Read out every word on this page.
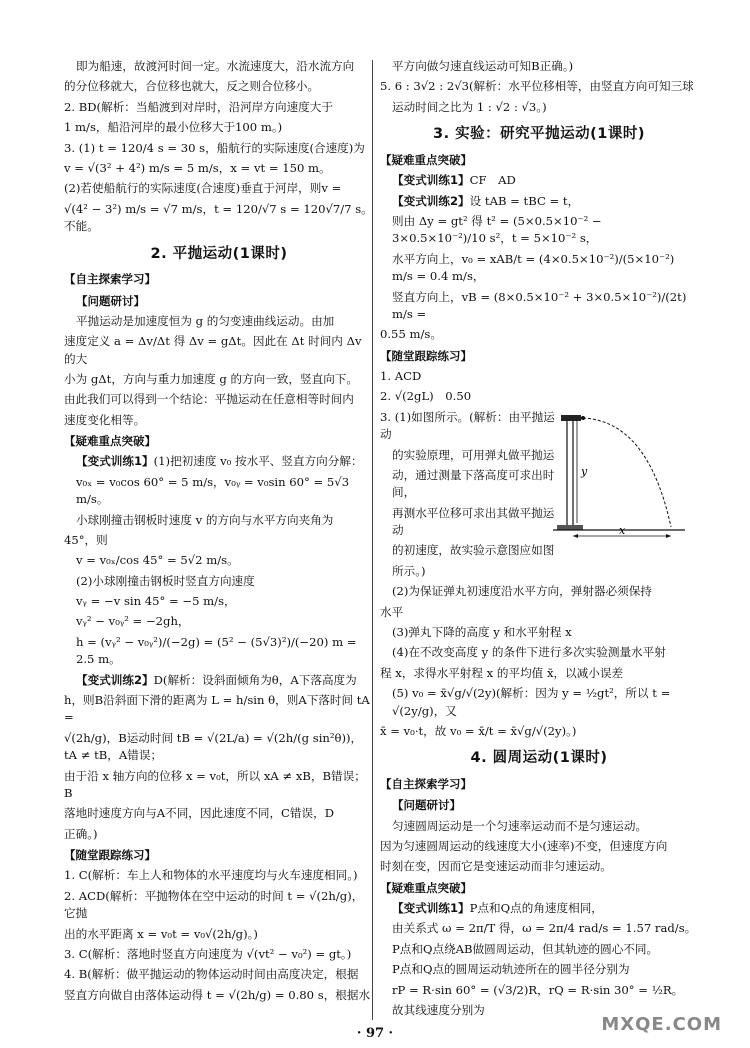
即为船速，故渡河时间一定。水流速度大，沿水流方向

的分位移就大，合位移也就大，反之则合位移小。

2. BD(解析：当船渡到对岸时，沿河岸方向速度大于

1 m/s，船沿河岸的最小位移大于100 m。)

3. (1) t = 120/4 s = 30 s，船航行的实际速度(合速度)为

v = √(3² + 4²) m/s = 5 m/s，x = vt = 150 m。

(2)若使船航行的实际速度(合速度)垂直于河岸，则v =

√(4² − 3²) m/s = √7 m/s，t = 120/√7 s = 120√7/7 s。不能。

2. 平抛运动(1课时)
【自主探索学习】
【问题研讨】

平抛运动是加速度恒为 g 的匀变速曲线运动。由加

速度定义 a = Δv/Δt 得 Δv = gΔt。因此在 Δt 时间内 Δv 的大

小为 gΔt，方向与重力加速度 g 的方向一致，竖直向下。

由此我们可以得到一个结论：平抛运动在任意相等时间内

速度变化相等。

【疑难重点突破】

【变式训练1】(1)把初速度 v₀ 按水平、竖直方向分解：

v₀ₓ = v₀cos 60° = 5 m/s，v₀ᵧ = v₀sin 60° = 5√3 m/s。

小球刚撞击钢板时速度 v 的方向与水平方向夹角为

45°，则

v = v₀ₓ/cos 45° = 5√2 m/s。

(2)小球刚撞击钢板时竖直方向速度

vᵧ = −v sin 45° = −5 m/s，

vᵧ² − v₀ᵧ² = −2gh，

h = (vᵧ² − v₀ᵧ²)/(−2g) = (5² − (5√3)²)/(−20) m = 2.5 m。

【变式训练2】D(解析：设斜面倾角为θ，A下落高度为

h，则B沿斜面下滑的距离为 L = h/sin θ，则A下落时间 tA =

√(2h/g)，B运动时间 tB = √(2L/a) = √(2h/(g sin²θ))，tA ≠ tB，A错误；

由于沿 x 轴方向的位移 x = v₀t，所以 xA ≠ xB，B错误；B

落地时速度方向与A不同，因此速度不同，C错误，D

正确。)

【随堂跟踪练习】

1. C(解析：车上人和物体的水平速度均与火车速度相同。)

2. ACD(解析：平抛物体在空中运动的时间 t = √(2h/g)，它抛

出的水平距离 x = v₀t = v₀√(2h/g)。)

3. C(解析：落地时竖直方向速度为 √(vt² − v₀²) = gt。)

4. B(解析：做平抛运动的物体运动时间由高度决定，根据

竖直方向做自由落体运动得 t = √(2h/g) = 0.80 s，根据水

平方向做匀速直线运动可知B正确。)

5. 6 : 3√2 : 2√3(解析：水平位移相等，由竖直方向可知三球

运动时间之比为 1 : √2 : √3。)

3. 实验：研究平抛运动(1课时)
【疑难重点突破】

【变式训练1】CF　AD

【变式训练2】设 tAB = tBC = t，

则由 Δy = gt² 得 t² = (5×0.5×10⁻² − 3×0.5×10⁻²)/10 s²，t = 5×10⁻² s，

水平方向上，v₀ = xAB/t = (4×0.5×10⁻²)/(5×10⁻²) m/s = 0.4 m/s，

竖直方向上，vB = (8×0.5×10⁻² + 3×0.5×10⁻²)/(2t) m/s =

0.55 m/s。

【随堂跟踪练习】

1. ACD

2. √(2gL)　0.50

3. (1)如图所示。(解析：由平抛运动

的实验原理，可用弹丸做平抛运

动，通过测量下落高度可求出时间，

再测水平位移可求出其做平抛运动

的初速度，故实验示意图应如图

所示。)

y
x

(2)为保证弹丸初速度沿水平方向，弹射器必须保持

水平

(3)弹丸下降的高度 y 和水平射程 x

(4)在不改变高度 y 的条件下进行多次实验测量水平射

程 x，求得水平射程 x 的平均值 x̄，以减小误差

(5) v₀ = x̄√g/√(2y)(解析：因为 y = ½gt²，所以 t = √(2y/g)，又

x̄ = v₀·t，故 v₀ = x̄/t = x̄√g/√(2y)。)

4. 圆周运动(1课时)
【自主探索学习】
【问题研讨】

匀速圆周运动是一个匀速率运动而不是匀速运动。

因为匀速圆周运动的线速度大小(速率)不变，但速度方向

时刻在变，因而它是变速运动而非匀速运动。

【疑难重点突破】

【变式训练1】P点和Q点的角速度相同，

由关系式 ω = 2π/T 得，ω = 2π/4 rad/s = 1.57 rad/s。

P点和Q点绕AB做圆周运动，但其轨迹的圆心不同。

P点和Q点的圆周运动轨迹所在的圆半径分别为

rP = R·sin 60° = (√3/2)R，rQ = R·sin 30° = ½R。

故其线速度分别为

· 97 ·	MXQE.COM
